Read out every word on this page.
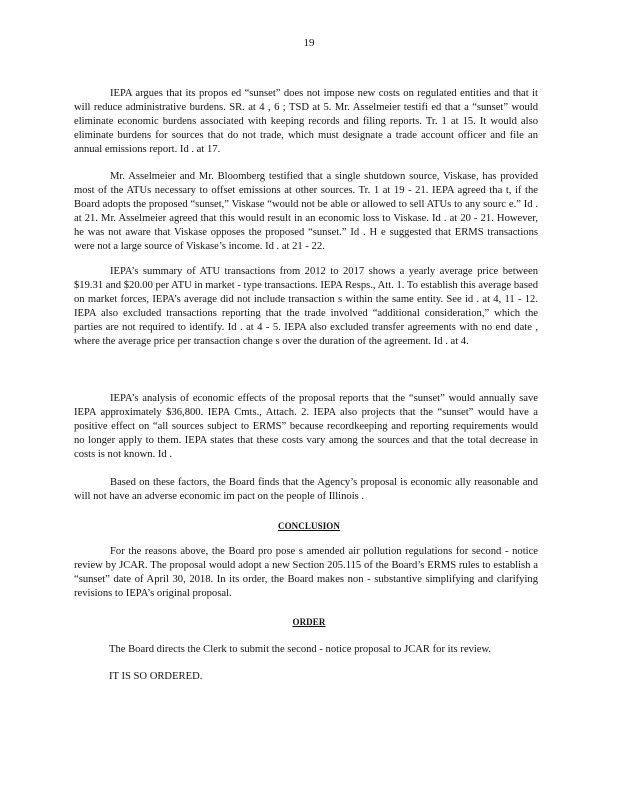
19

IEPA argues that its propos ed “sunset” does not impose new costs on regulated entities and that it will reduce administrative burdens. SR. at 4 , 6 ; TSD at 5. Mr. Asselmeier testifi ed that a “sunset” would eliminate economic burdens associated with keeping records and filing reports. Tr. 1 at 15. It would also eliminate burdens for sources that do not trade, which must designate a trade account officer and file an annual emissions report. Id . at 17.

Mr. Asselmeier and Mr. Bloomberg testified that a single shutdown source, Viskase, has provided most of the ATUs necessary to offset emissions at other sources. Tr. 1 at 19 - 21. IEPA agreed tha t, if the Board adopts the proposed “sunset,” Viskase “would not be able or allowed to sell ATUs to any sourc e.” Id . at 21. Mr. Asselmeier agreed that this would result in an economic loss to Viskase. Id . at 20 - 21. However, he was not aware that Viskase opposes the proposed “sunset.” Id . H e suggested that ERMS transactions were not a large source of Viskase’s income. Id . at 21 - 22.

IEPA’s summary of ATU transactions from 2012 to 2017 shows a yearly average price between $19.31 and $20.00 per ATU in market - type transactions. IEPA Resps., Att. 1. To establish this average based on market forces, IEPA’s average did not include transaction s within the same entity. See id . at 4, 11 - 12. IEPA also excluded transactions reporting that the trade involved “additional consideration,” which the parties are not required to identify. Id . at 4 - 5. IEPA also excluded transfer agreements with no end date , where the average price per transaction change s over the duration of the agreement. Id . at 4.

IEPA’s analysis of economic effects of the proposal reports that the “sunset” would annually save IEPA approximately $36,800. IEPA Cmts., Attach. 2. IEPA also projects that the “sunset” would have a positive effect on “all sources subject to ERMS” because recordkeeping and reporting requirements would no longer apply to them. IEPA states that these costs vary among the sources and that the total decrease in costs is not known. Id .

Based on these factors, the Board finds that the Agency’s proposal is economic ally reasonable and will not have an adverse economic im pact on the people of Illinois .

CONCLUSION

For the reasons above, the Board pro pose s amended air pollution regulations for second - notice review by JCAR. The proposal would adopt a new Section 205.115 of the Board’s ERMS rules to establish a “sunset” date of April 30, 2018. In its order, the Board makes non - substantive simplifying and clarifying revisions to IEPA’s original proposal.

ORDER

The Board directs the Clerk to submit the second - notice proposal to JCAR for its review.

IT IS SO ORDERED.
